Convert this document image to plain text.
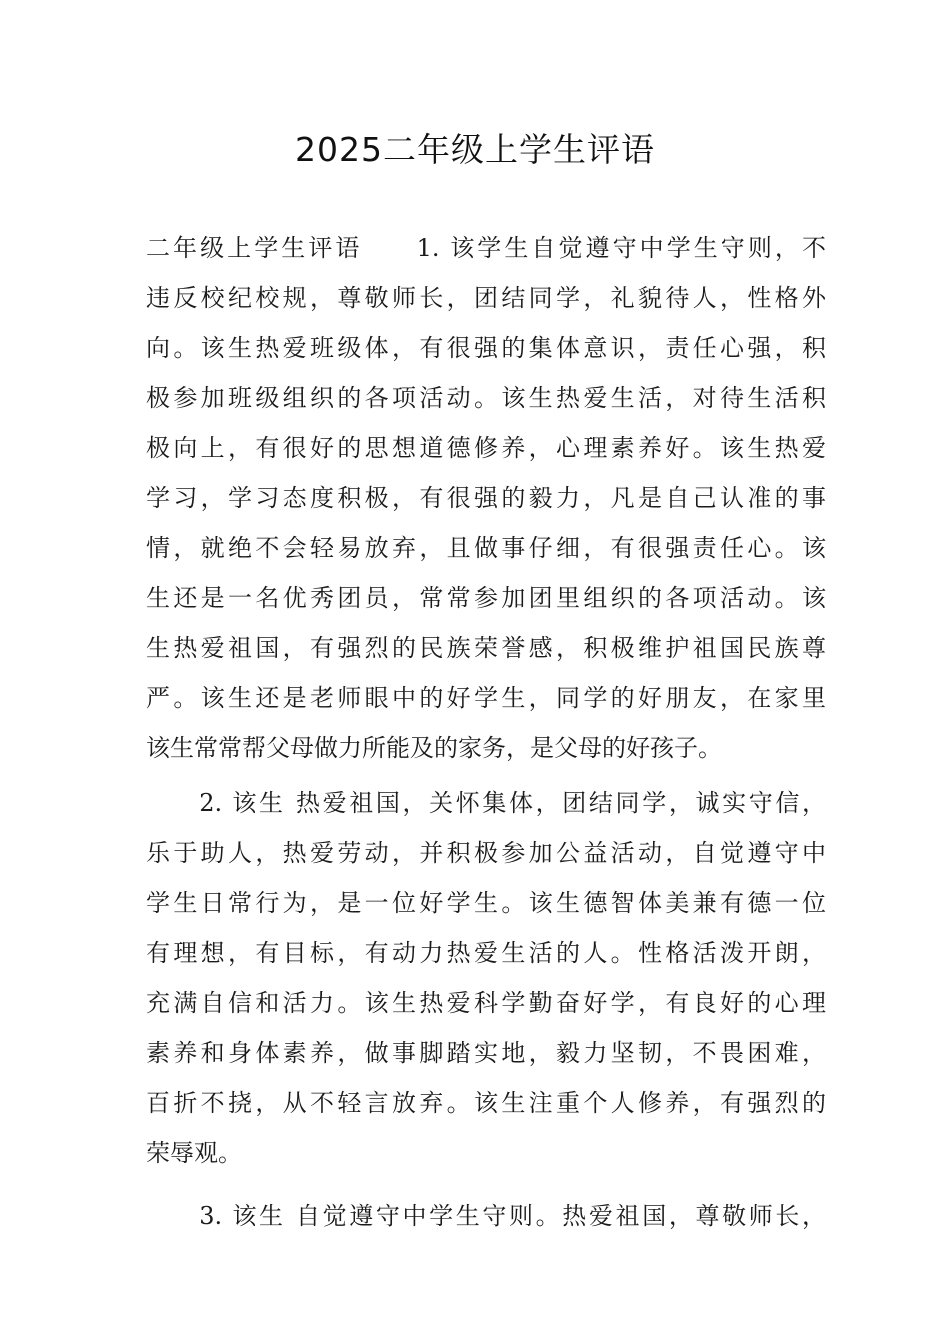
2025二年级上学生评语
二年级上学生评语　　1. 该学生自觉遵守中学生守则，不
违反校纪校规，尊敬师长，团结同学，礼貌待人，性格外
向。该生热爱班级体，有很强的集体意识，责任心强，积
极参加班级组织的各项活动。该生热爱生活，对待生活积
极向上，有很好的思想道德修养，心理素养好。该生热爱
学习，学习态度积极，有很强的毅力，凡是自己认准的事
情，就绝不会轻易放弃，且做事仔细，有很强责任心。该
生还是一名优秀团员，常常参加团里组织的各项活动。该
生热爱祖国，有强烈的民族荣誉感，积极维护祖国民族尊
严。该生还是老师眼中的好学生，同学的好朋友，在家里
该生常常帮父母做力所能及的家务，是父母的好孩子。
　　2. 该生 热爱祖国，关怀集体，团结同学，诚实守信，
乐于助人，热爱劳动，并积极参加公益活动，自觉遵守中
学生日常行为，是一位好学生。该生德智体美兼有德一位
有理想，有目标，有动力热爱生活的人。性格活泼开朗，
充满自信和活力。该生热爱科学勤奋好学，有良好的心理
素养和身体素养，做事脚踏实地，毅力坚韧，不畏困难，
百折不挠，从不轻言放弃。该生注重个人修养，有强烈的
荣辱观。
　　3. 该生 自觉遵守中学生守则。热爱祖国，尊敬师长，
